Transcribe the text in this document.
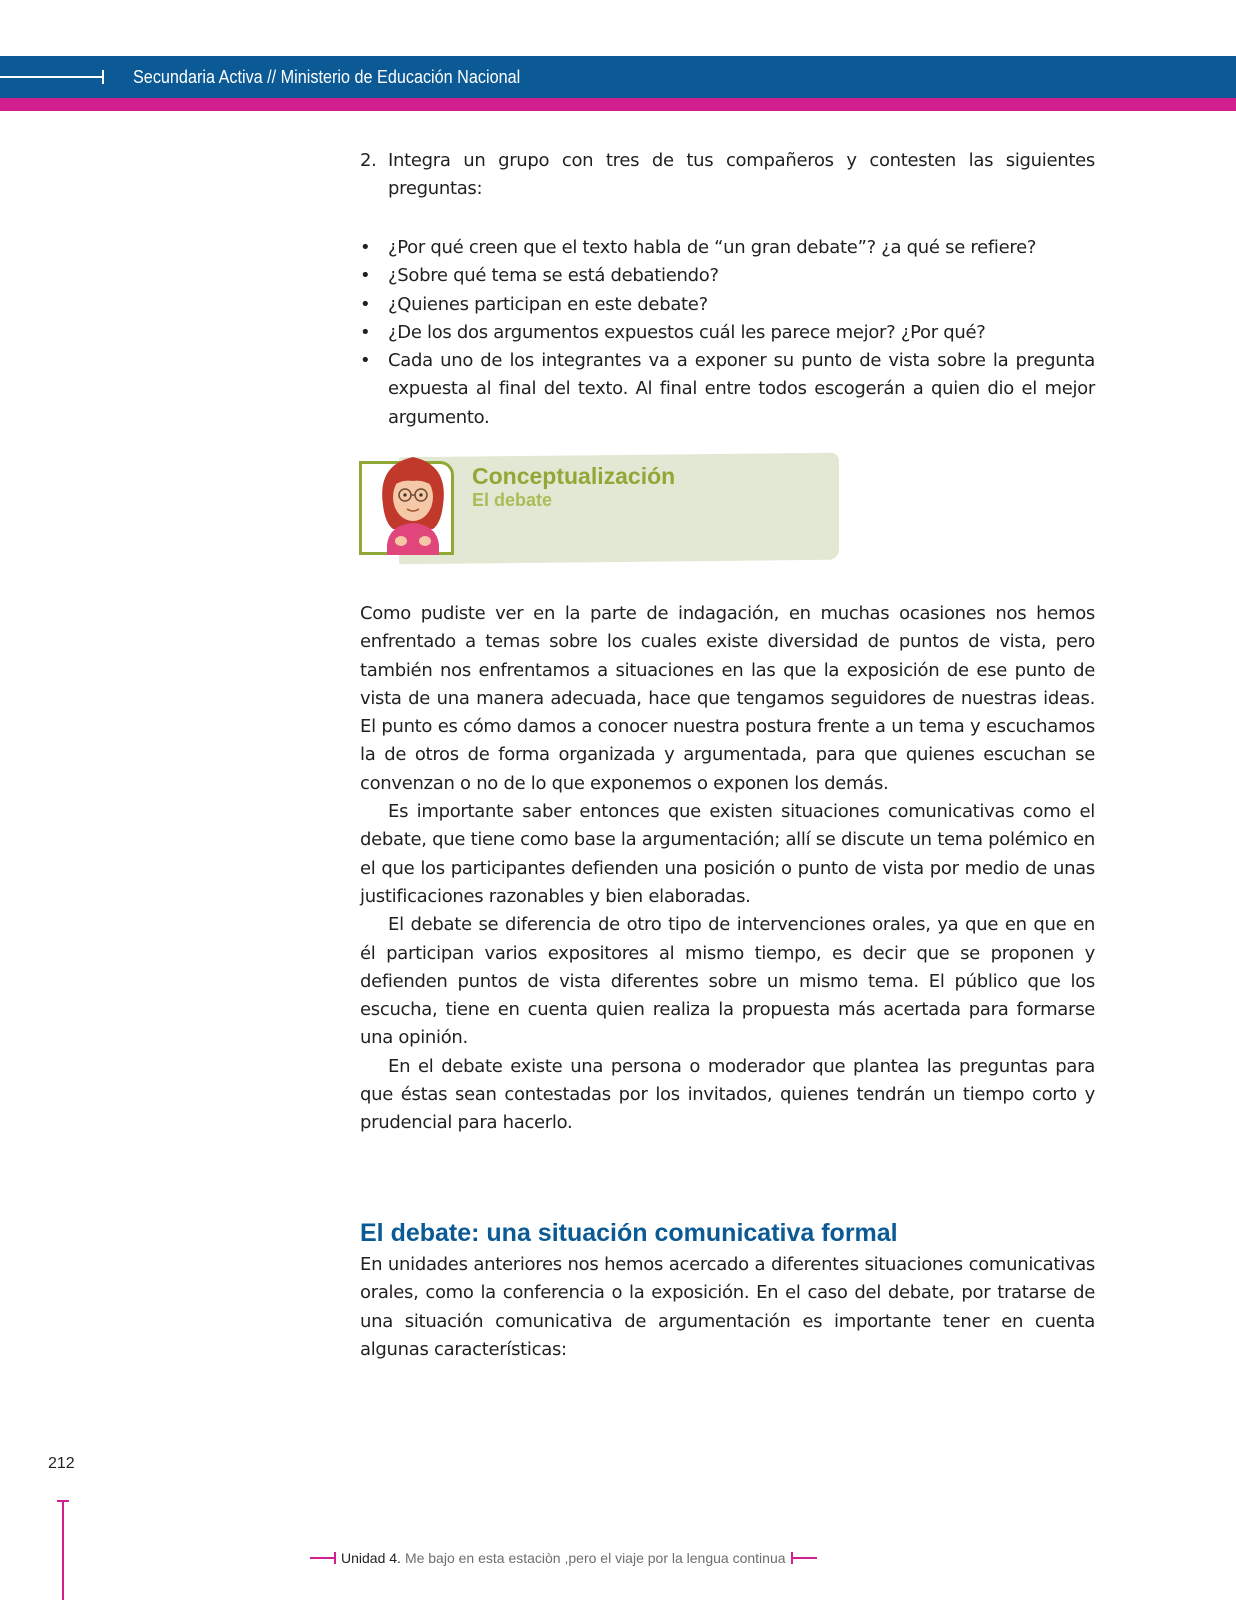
Secundaria Activa // Ministerio de Educación Nacional
2. Integra un grupo con tres de tus compañeros y contesten las siguientes preguntas:
• ¿Por qué creen que el texto habla de “un gran debate”? ¿a qué se refiere?
• ¿Sobre qué tema se está debatiendo?
• ¿Quienes participan en este debate?
• ¿De los dos argumentos expuestos cuál les parece mejor? ¿Por qué?
• Cada uno de los integrantes va a exponer su punto de vista sobre la pregunta expuesta al final del texto. Al final entre todos escogerán a quien dio el mejor argumento.
Conceptualización
El debate

Como pudiste ver en la parte de indagación, en muchas ocasiones nos hemos enfrentado a temas sobre los cuales existe diversidad de puntos de vista, pero también nos enfrentamos a situaciones en las que la exposición de ese punto de vista de una manera adecuada, hace que tengamos seguidores de nuestras ideas. El punto es cómo damos a conocer nuestra postura frente a un tema y escuchamos la de otros de forma organizada y argumentada, para que quienes escuchan se convenzan o no de lo que exponemos o exponen los demás.

Es importante saber entonces que existen situaciones comunicativas como el debate, que tiene como base la argumentación; allí se discute un tema polémico en el que los participantes defienden una posición o punto de vista por medio de unas justificaciones razonables y bien elaboradas.

El debate se diferencia de otro tipo de intervenciones orales, ya que en que en él participan varios expositores al mismo tiempo, es decir que se proponen y defienden puntos de vista diferentes sobre un mismo tema. El público que los escucha, tiene en cuenta quien realiza la propuesta más acertada para formarse una opinión.

En el debate existe una persona o moderador que plantea las preguntas para que éstas sean contestadas por los invitados, quienes tendrán un tiempo corto y prudencial para hacerlo.

El debate: una situación comunicativa formal

En unidades anteriores nos hemos acercado a diferentes situaciones comunicativas orales, como la conferencia o la exposición. En el caso del debate, por tratarse de una situación comunicativa de argumentación es importante tener en cuenta algunas características:

212
Unidad 4. Me bajo en esta estaciòn ,pero el viaje por la lengua continua
